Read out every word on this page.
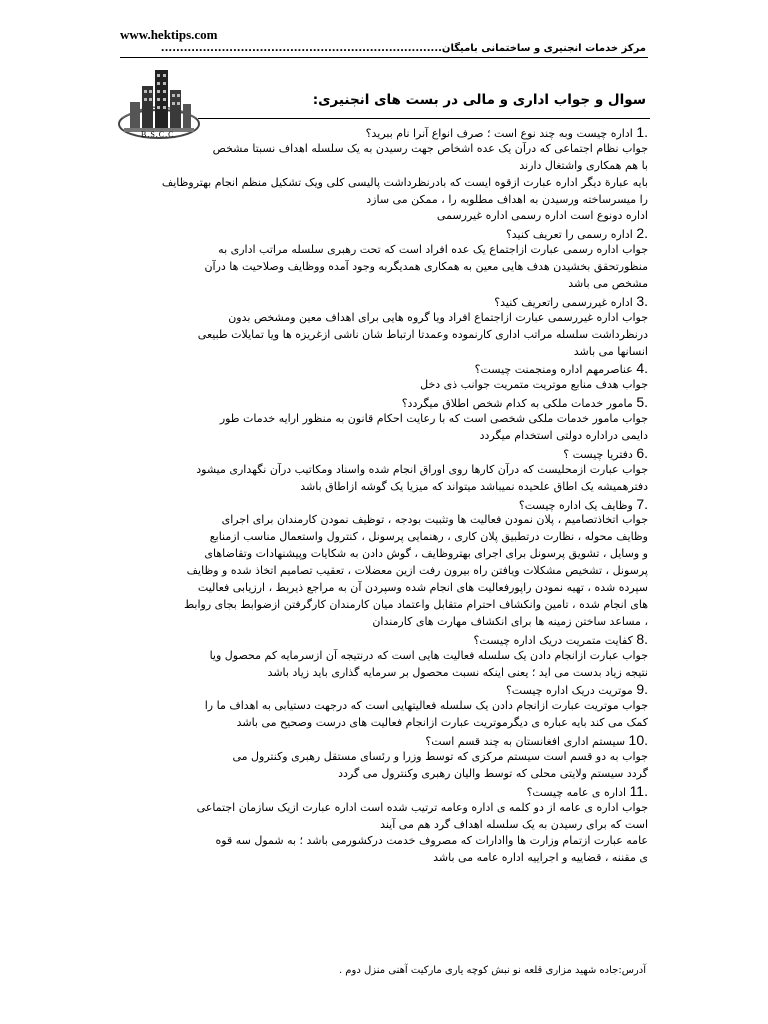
www.hektips.com
مرکز خدمات انجنیری و ساختمانی بامیگان..........................................................................
B.S.C.C
سوال و جواب اداری و مالی در بست های انجنیری:
1. اداره چیست وبه چند نوع است ؛ صرف انواع آنرا نام ببرید؟
جواب نظام اجتماعی که درآن یک عده اشخاص جهت رسیدن به یک سلسله اهداف نسبتا مشخص
با هم همکاری واشتغال دارند
بایه عبارة دیگر اداره عبارت ازقوه ایست که بادرنظرداشت پالیسی کلی ویک تشکیل منظم انجام بهتروظایف
را میسرساخته ورسیدن به اهداف مطلوبه را ، ممکن می سازد
اداره دونوع است اداره رسمی اداره غیررسمی
2. اداره رسمی را تعریف کنید؟
جواب اداره رسمی عبارت ازاجتماع یک عده افراد است که تحت رهبری سلسله مراتب اداری به
منظورتحقق بخشیدن هدف هایی معین به همکاری همدیگربه وجود آمده ووظایف وصلاحیت ها درآن
مشخص می باشد
3. اداره غیررسمی راتعریف کنید؟
جواب اداره غیررسمی عبارت ازاجتماع افراد ویا گروه هایی برای اهداف معین ومشخص بدون
درنظرداشت سلسله مراتب اداری کارنموده وعمدتا ارتباط شان ناشی ازغریزه ها ویا تمایلات طبیعی
انسانها می باشد
4. عناصرمهم اداره ومنجمنت چیست؟
جواب هدف منابع موتریت متمریت جوانب ذی دخل
5. مامور خدمات ملکی به کدام شخص اطلاق میگردد؟
جواب مامور خدمات ملکی شخصی است که با رعایت احکام قانون به منظور ارایه خدمات طور
دایمی دراداره دولتی استخدام میگردد
6. دفتریا چیست ؟
جواب عبارت ازمحلیست که درآن کارها روی اوراق انجام شده واسناد ومکاتیب درآن نگهداری میشود
دفترهمیشه یک اطاق علحیده نمیباشد میتواند که میزیا یک گوشه ازاطاق باشد
7. وظایف یک اداره چیست؟
جواب اتخاذتصامیم ، پلان نمودن فعالیت ها وتثبیت بودجه ، توظیف نمودن کارمندان برای اجرای
وظایف محوله ، نظارت درتطبیق پلان کاری ، رهنمایی پرسونل ، کنترول واستعمال مناسب ازمنابع
و وسایل ، تشویق پرسونل برای اجرای بهتروظایف ، گوش دادن به شکایات وپیشنهادات وتقاضاهای
پرسونل ، تشخیص مشکلات ویافتن راه بیرون رفت ازین معضلات ، تعقیب تصامیم اتخاذ شده و وظایف
سپرده شده ، تهیه نمودن راپورفعالیت های انجام شده وسپردن آن به مراجع ذیربط ، ارزیابی فعالیت
های انجام شده ، تامین وانکشاف احترام متقابل واعتماد میان کارمندان کارگرفتن ازضوابط بجای روابط
، مساعد ساختن زمینه ها برای انکشاف مهارت های کارمندان
8. کفایت متمریت دریک اداره چیست؟
جواب عبارت ازانجام دادن یک سلسله فعالیت هایی است که درنتیجه آن ازسرمایه کم محصول ویا
نتیجه زیاد بدست می اید ؛ یعنی اینکه نسبت محصول بر سرمایه گذاری باید زیاد باشد
9. موتریت دریک اداره چیست؟
جواب موتریت عبارت ازانجام دادن یک سلسله فعالیتهایی است که درجهت دستیابی به اهداف ما را
کمک می کند بایه عباره ی دیگرموتریت عبارت ازانجام فعالیت های درست وصحیح می باشد
10. سیستم اداری افغانستان به چند قسم است؟
جواب به دو قسم است سیستم مرکزی که توسط وزرا و رئسای مستقل رهبری وکنترول می
گردد سیستم ولایتی محلی که توسط والیان رهبری وکنترول می گردد
11. اداره ی عامه چیست؟
جواب اداره ی عامه از دو کلمه ی اداره وعامه ترتیب شده است اداره عبارت ازیک سازمان اجتماعی
است که برای رسیدن به یک سلسله اهداف گرد هم می آیند
عامه عبارت ازتمام وزارت ها واادارات که مصروف خدمت درکشورمی باشد ؛ به شمول سه قوه
ی مقننه ، قضاییه و اجراییه اداره عامه می باشد
آدرس:جاده شهید مزاری قلعه نو نبش کوچه یاری مارکیت آهنی منزل دوم .
